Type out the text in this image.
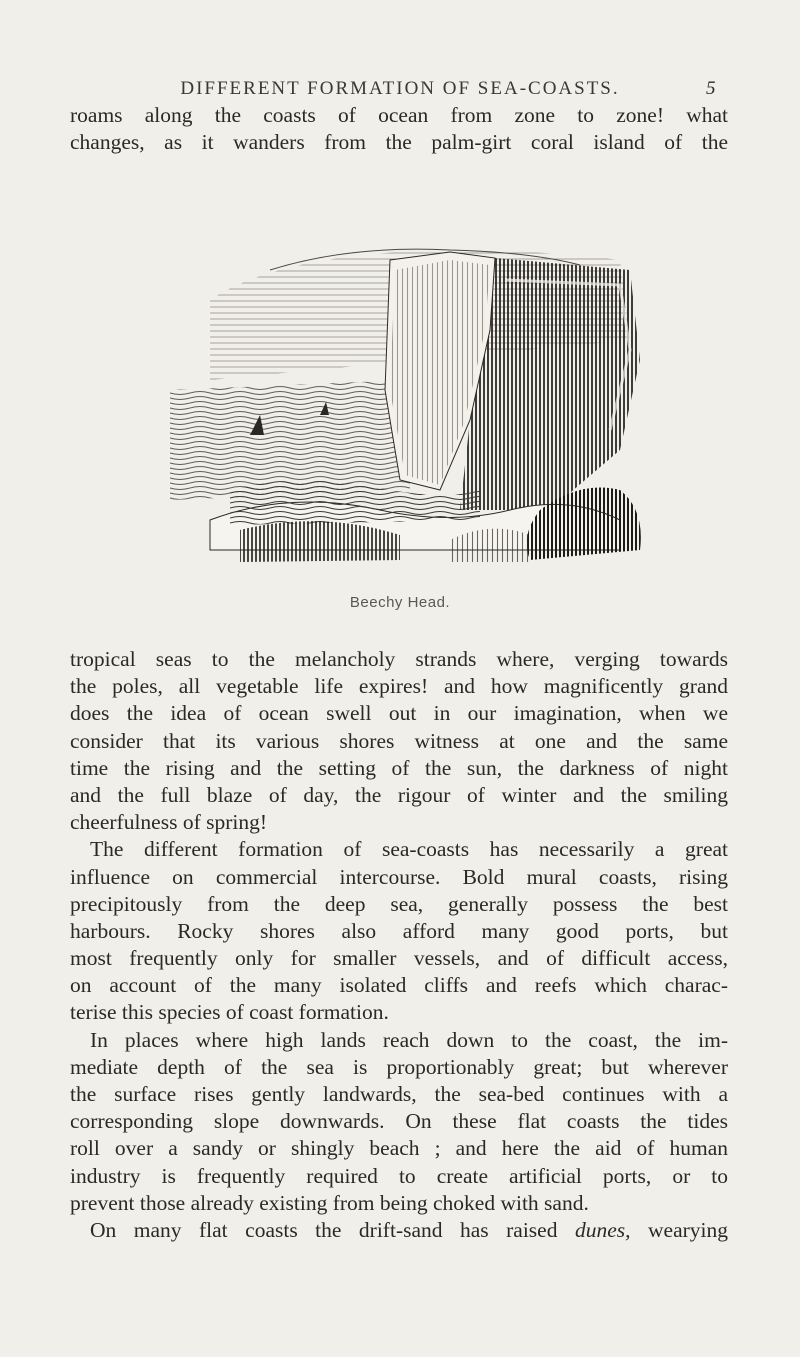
DIFFERENT FORMATION OF SEA-COASTS.	5
roams along the coasts of ocean from zone to zone! what
changes, as it wanders from the palm-girt coral island of the
Beechy Head.
tropical seas to the melancholy strands where, verging towards
the poles, all vegetable life expires! and how magnificently grand
does the idea of ocean swell out in our imagination, when we
consider that its various shores witness at one and the same
time the rising and the setting of the sun, the darkness of night
and the full blaze of day, the rigour of winter and the smiling
cheerfulness of spring!
The different formation of sea-coasts has necessarily a great
influence on commercial intercourse. Bold mural coasts, rising
precipitously from the deep sea, generally possess the best
harbours. Rocky shores also afford many good ports, but
most frequently only for smaller vessels, and of difficult access,
on account of the many isolated cliffs and reefs which charac-
terise this species of coast formation.
In places where high lands reach down to the coast, the im-
mediate depth of the sea is proportionably great; but wherever
the surface rises gently landwards, the sea-bed continues with a
corresponding slope downwards. On these flat coasts the tides
roll over a sandy or shingly beach ; and here the aid of human
industry is frequently required to create artificial ports, or to
prevent those already existing from being choked with sand.
On many flat coasts the drift-sand has raised dunes, wearying
